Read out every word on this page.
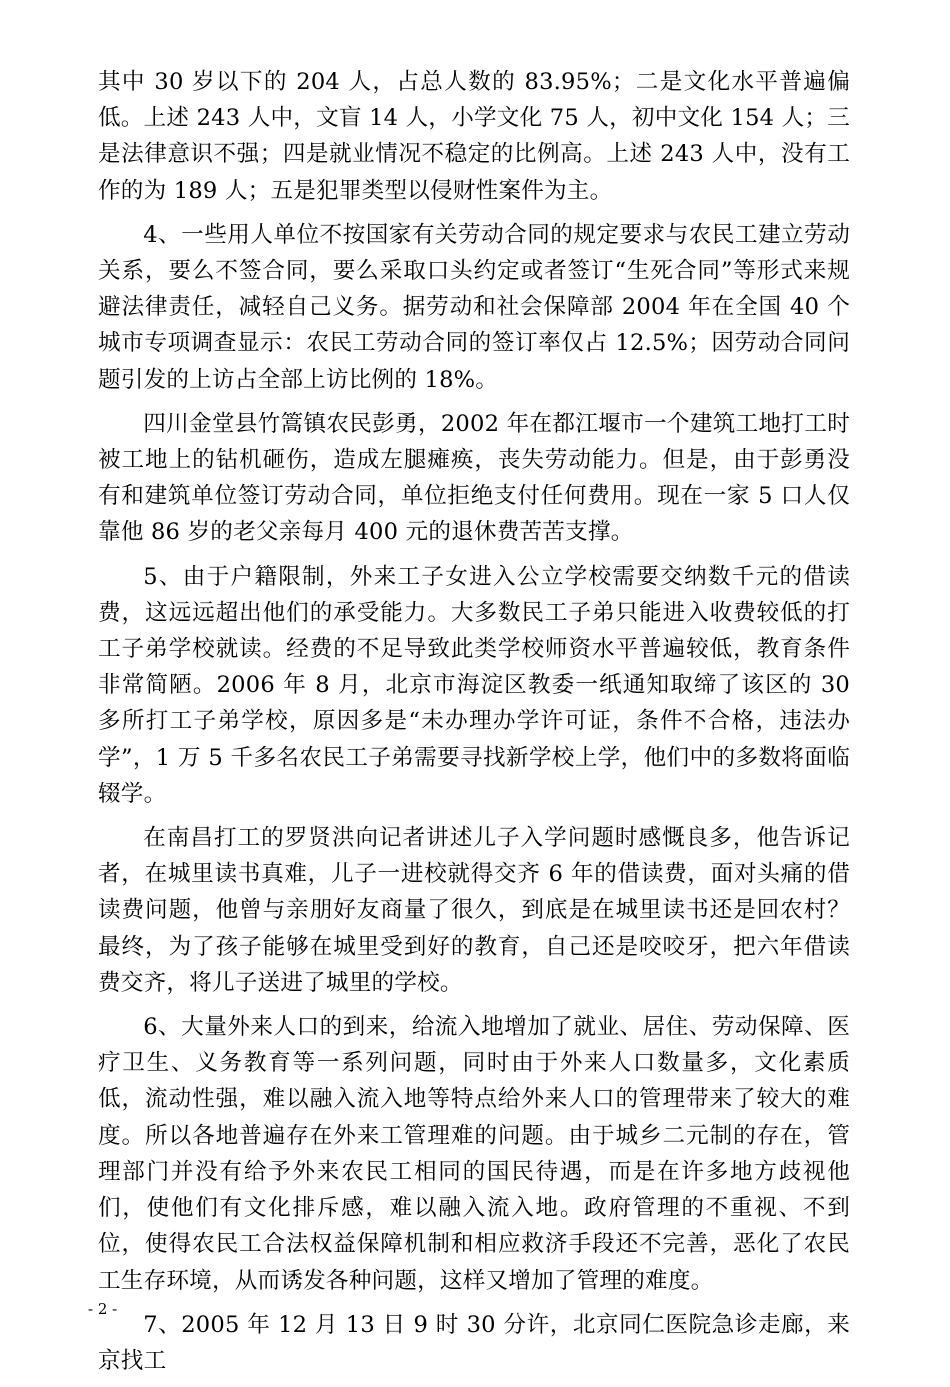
其中 30 岁以下的 204 人，占总人数的 83.95%；二是文化水平普遍偏低。上述 243 人中，文盲 14 人，小学文化 75 人，初中文化 154 人；三是法律意识不强；四是就业情况不稳定的比例高。上述 243 人中，没有工作的为 189 人；五是犯罪类型以侵财性案件为主。

4、一些用人单位不按国家有关劳动合同的规定要求与农民工建立劳动关系，要么不签合同，要么采取口头约定或者签订“生死合同”等形式来规避法律责任，减轻自己义务。据劳动和社会保障部 2004 年在全国 40 个城市专项调查显示：农民工劳动合同的签订率仅占 12.5%；因劳动合同问题引发的上访占全部上访比例的 18%。

四川金堂县竹篙镇农民彭勇，2002 年在都江堰市一个建筑工地打工时被工地上的钻机砸伤，造成左腿瘫痪，丧失劳动能力。但是，由于彭勇没有和建筑单位签订劳动合同，单位拒绝支付任何费用。现在一家 5 口人仅靠他 86 岁的老父亲每月 400 元的退休费苦苦支撑。

5、由于户籍限制，外来工子女进入公立学校需要交纳数千元的借读费，这远远超出他们的承受能力。大多数民工子弟只能进入收费较低的打工子弟学校就读。经费的不足导致此类学校师资水平普遍较低，教育条件非常简陋。2006 年 8 月，北京市海淀区教委一纸通知取缔了该区的 30 多所打工子弟学校，原因多是“未办理办学许可证，条件不合格，违法办学”，1 万 5 千多名农民工子弟需要寻找新学校上学，他们中的多数将面临辍学。

在南昌打工的罗贤洪向记者讲述儿子入学问题时感慨良多，他告诉记者，在城里读书真难，儿子一进校就得交齐 6 年的借读费，面对头痛的借读费问题，他曾与亲朋好友商量了很久，到底是在城里读书还是回农村？最终，为了孩子能够在城里受到好的教育，自己还是咬咬牙，把六年借读费交齐，将儿子送进了城里的学校。

6、大量外来人口的到来，给流入地增加了就业、居住、劳动保障、医疗卫生、义务教育等一系列问题，同时由于外来人口数量多，文化素质低，流动性强，难以融入流入地等特点给外来人口的管理带来了较大的难度。所以各地普遍存在外来工管理难的问题。由于城乡二元制的存在，管理部门并没有给予外来农民工相同的国民待遇，而是在许多地方歧视他们，使他们有文化排斥感，难以融入流入地。政府管理的不重视、不到位，使得农民工合法权益保障机制和相应救济手段还不完善，恶化了农民工生存环境，从而诱发各种问题，这样又增加了管理的难度。

7、2005 年 12 月 13 日 9 时 30 分许，北京同仁医院急诊走廊，来京找工

- 2 -
